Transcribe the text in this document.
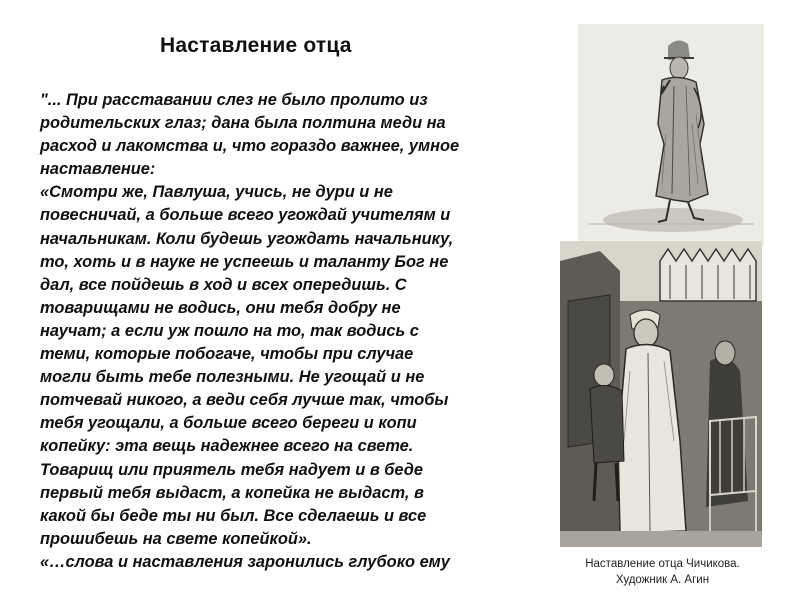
Наставление отца
"... При расставании слез не было пролито из
родительских глаз; дана была полтина меди на
расход и лакомства и, что гораздо важнее, умное
наставление:
«Смотри же, Павлуша, учись, не дури и не
повесничай, а больше всего угождай учителям и
начальникам. Коли будешь угождать начальнику,
то, хоть и в науке не успеешь и таланту Бог не
дал, все пойдешь в ход и всех опередишь. С
товарищами не водись, они тебя добру не
научат; а если уж пошло на то, так водись с
теми, которые побогаче, чтобы при случае
могли быть тебе полезными. Не угощай и не
потчевай никого, а веди себя лучше так, чтобы
тебя угощали, а больше всего береги и копи
копейку: эта вещь надежнее всего на свете.
Товарищ или приятель тебя надует и в беде
первый тебя выдаст, а копейка не выдаст, в
какой бы беде ты ни был. Все сделаешь и все
прошибешь на свете копейкой».
«…слова и наставления заронились глубоко ему	Наставление отца Чичикова.
Художник А. Агин
